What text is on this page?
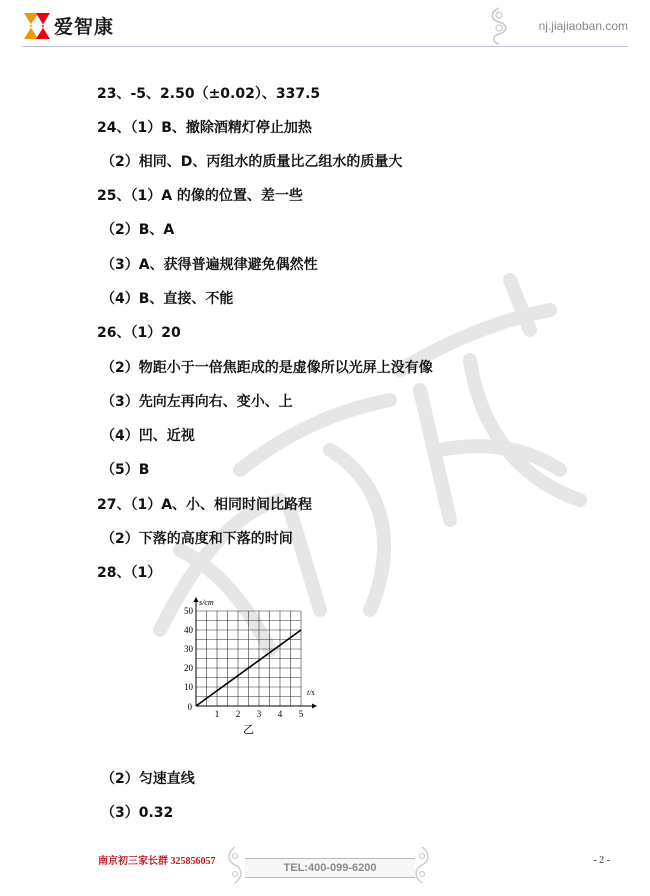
爱智康	nj.jiajiaoban.com
23、-5、2.50（±0.02）、337.5
24、（1）B、撤除酒精灯停止加热
（2）相同、D、丙组水的质量比乙组水的质量大
25、（1）A 的像的位置、差一些
（2）B、A
（3）A、获得普遍规律避免偶然性
（4）B、直接、不能
26、（1）20
（2）物距小于一倍焦距成的是虚像所以光屏上没有像
（3）先向左再向右、变小、上
（4）凹、近视
（5）B
27、（1）A、小、相同时间比路程
（2）下落的高度和下落的时间
28、（1）
（2）匀速直线
（3）0.32
1 2 3 4 5
10
20
30
40
50
0
s/cm
t/s
乙
南京初三家长群 325856057
TEL:400-099-6200
- 2 -
